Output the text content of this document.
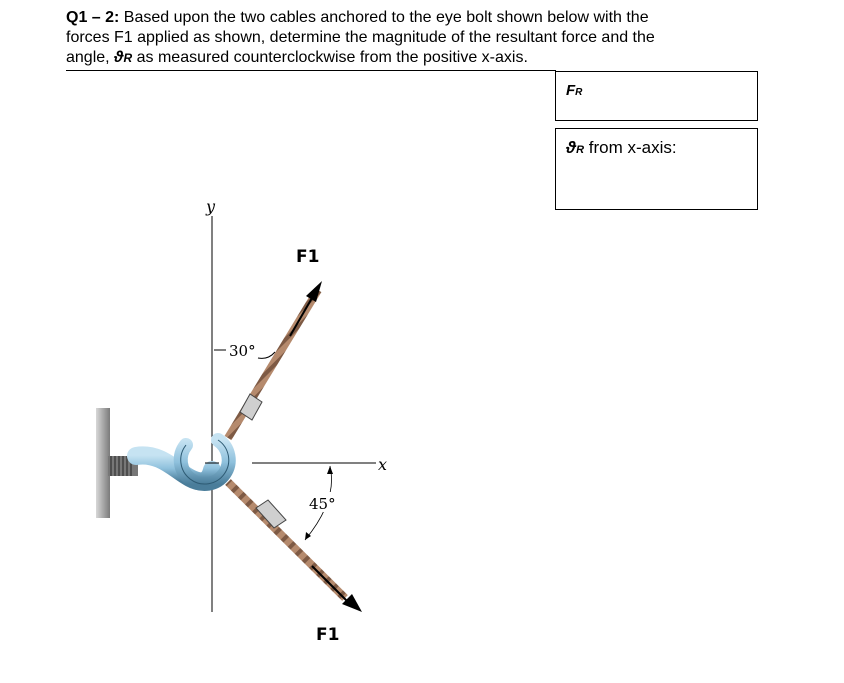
Q1 – 2: Based upon the two cables anchored to the eye bolt shown below with the

forces F1 applied as shown, determine the magnitude of the resultant force and the

angle, ϑR as measured counterclockwise from the positive x-axis.

FR
ϑR from x-axis:
y
x
F1
30°
F1
45°
